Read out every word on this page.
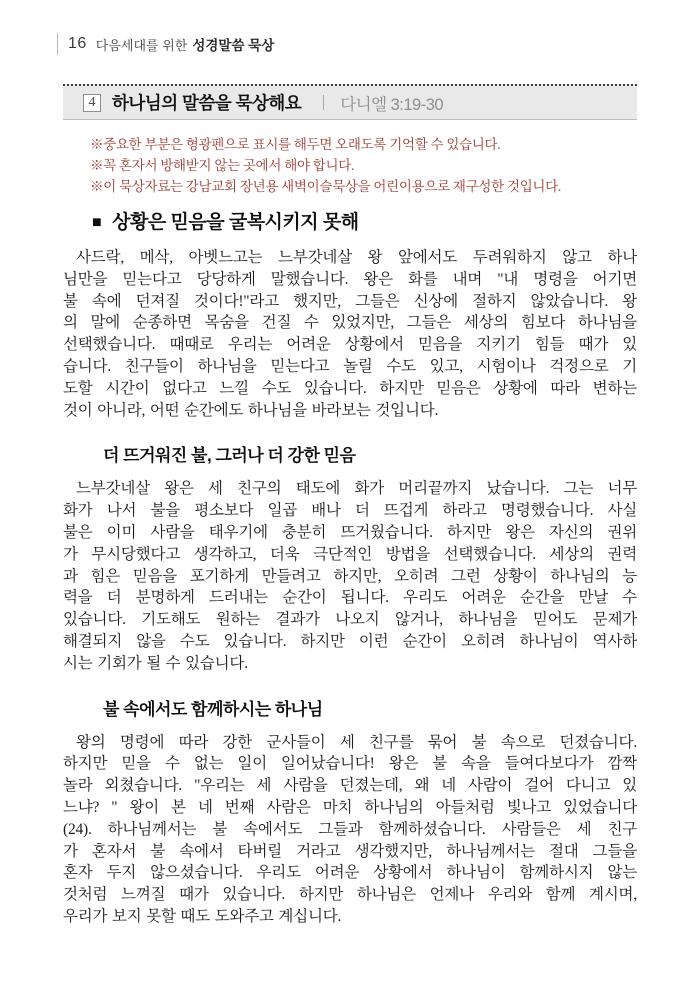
16 다음세대를 위한 성경말씀 묵상
4 하나님의 말씀을 묵상해요 다니엘 3:19-30
※중요한 부분은 형광펜으로 표시를 해두면 오래도록 기억할 수 있습니다.
※꼭 혼자서 방해받지 않는 곳에서 해야 합니다.
※이 묵상자료는 강남교회 장년용 새벽이슬묵상을 어린이용으로 재구성한 것입니다.
■ 상황은 믿음을 굴복시키지 못해
사드락, 메삭, 아벳느고는 느부갓네살 왕 앞에서도 두려워하지 않고 하나
님만을 믿는다고 당당하게 말했습니다. 왕은 화를 내며 "내 명령을 어기면
불 속에 던져질 것이다!"라고 했지만, 그들은 신상에 절하지 않았습니다. 왕
의 말에 순종하면 목숨을 건질 수 있었지만, 그들은 세상의 힘보다 하나님을
선택했습니다. 때때로 우리는 어려운 상황에서 믿음을 지키기 힘들 때가 있
습니다. 친구들이 하나님을 믿는다고 놀릴 수도 있고, 시험이나 걱정으로 기
도할 시간이 없다고 느낄 수도 있습니다. 하지만 믿음은 상황에 따라 변하는
것이 아니라, 어떤 순간에도 하나님을 바라보는 것입니다.
더 뜨거워진 불, 그러나 더 강한 믿음
느부갓네살 왕은 세 친구의 태도에 화가 머리끝까지 났습니다. 그는 너무
화가 나서 불을 평소보다 일곱 배나 더 뜨겁게 하라고 명령했습니다. 사실
불은 이미 사람을 태우기에 충분히 뜨거웠습니다. 하지만 왕은 자신의 권위
가 무시당했다고 생각하고, 더욱 극단적인 방법을 선택했습니다. 세상의 권력
과 힘은 믿음을 포기하게 만들려고 하지만, 오히려 그런 상황이 하나님의 능
력을 더 분명하게 드러내는 순간이 됩니다. 우리도 어려운 순간을 만날 수
있습니다. 기도해도 원하는 결과가 나오지 않거나, 하나님을 믿어도 문제가
해결되지 않을 수도 있습니다. 하지만 이런 순간이 오히려 하나님이 역사하
시는 기회가 될 수 있습니다.
불 속에서도 함께하시는 하나님
왕의 명령에 따라 강한 군사들이 세 친구를 묶어 불 속으로 던졌습니다.
하지만 믿을 수 없는 일이 일어났습니다! 왕은 불 속을 들여다보다가 깜짝
놀라 외쳤습니다. "우리는 세 사람을 던졌는데, 왜 네 사람이 걸어 다니고 있
느냐? " 왕이 본 네 번째 사람은 마치 하나님의 아들처럼 빛나고 있었습니다
(24). 하나님께서는 불 속에서도 그들과 함께하셨습니다. 사람들은 세 친구
가 혼자서 불 속에서 타버릴 거라고 생각했지만, 하나님께서는 절대 그들을
혼자 두지 않으셨습니다. 우리도 어려운 상황에서 하나님이 함께하시지 않는
것처럼 느껴질 때가 있습니다. 하지만 하나님은 언제나 우리와 함께 계시며,
우리가 보지 못할 때도 도와주고 계십니다.
